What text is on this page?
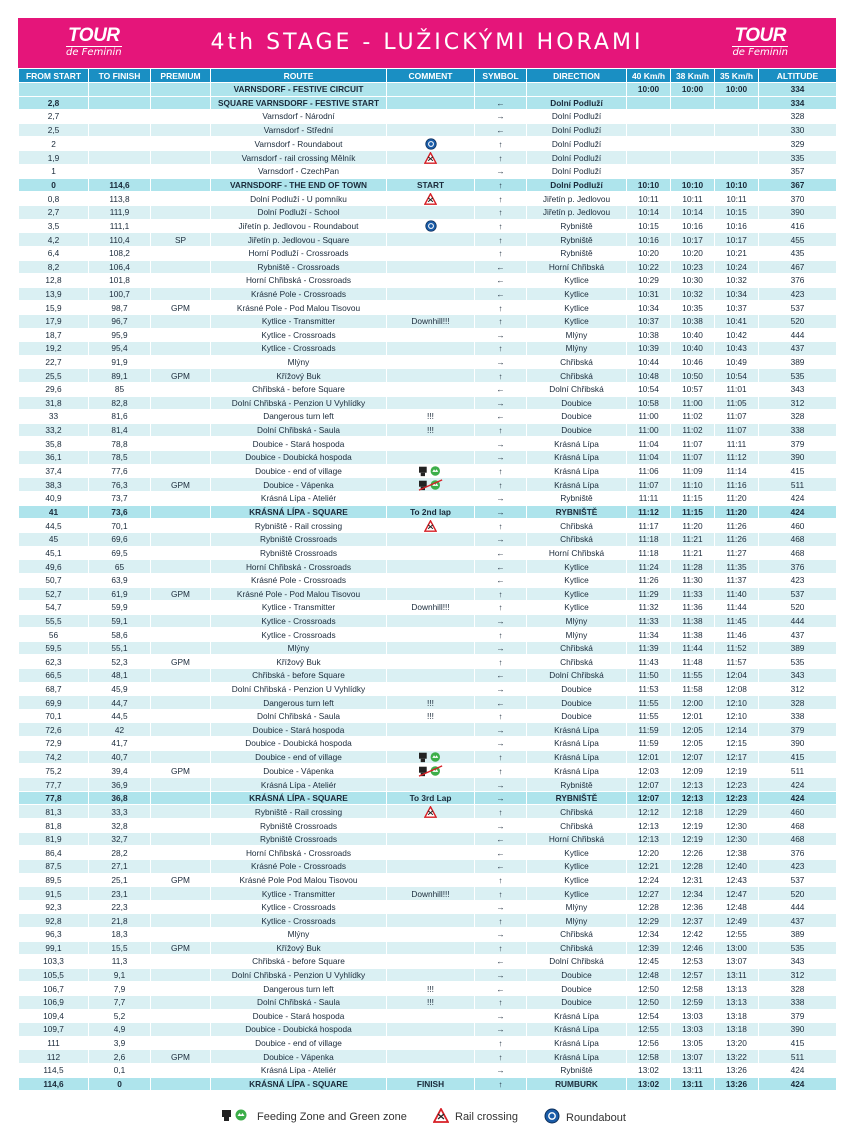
TOUR
de Feminin	4th STAGE - LUŽICKÝMI HORAMI	TOUR
de Feminin
FROM START	TO FINISH	PREMIUM	ROUTE	COMMENT	SYMBOL	DIRECTION	40 Km/h	38 Km/h	35 Km/h	ALTITUDE
			VARNSDORF - FESTIVE CIRCUIT				10:00	10:00	10:00	334
2,8			SQUARE VARNSDORF - FESTIVE START		←	Dolní Podluží				334
2,7			Varnsdorf - Národní		→	Dolní Podluží				328
2,5			Varnsdorf - Střední		←	Dolní Podluží				330
2			Varnsdorf - Roundabout		↑	Dolní Podluží				329
1,9			Varnsdorf - rail crossing Mělník		↑	Dolní Podluží				335
1			Varnsdorf - CzechPan		→	Dolní Podluží				357
0	114,6		VARNSDORF - THE END OF TOWN	START	↑	Dolní Podluží	10:10	10:10	10:10	367
0,8	113,8		Dolní Podluží - U pomníku		↑	Jiřetín p. Jedlovou	10:11	10:11	10:11	370
2,7	111,9		Dolní Podluží - School		↑	Jiřetín p. Jedlovou	10:14	10:14	10:15	390
3,5	111,1		Jiřetín p. Jedlovou - Roundabout		↑	Rybniště	10:15	10:16	10:16	416
4,2	110,4	SP	Jiřetín p. Jedlovou - Square		↑	Rybniště	10:16	10:17	10:17	455
6,4	108,2		Horní Podluží - Crossroads		↑	Rybniště	10:20	10:20	10:21	435
8,2	106,4		Rybniště - Crossroads		←	Horní Chřibská	10:22	10:23	10:24	467
12,8	101,8		Horní Chřibská - Crossroads		←	Kytlice	10:29	10:30	10:32	376
13,9	100,7		Krásné Pole - Crossroads		←	Kytlice	10:31	10:32	10:34	423
15,9	98,7	GPM	Krásné Pole - Pod Malou Tisovou		↑	Kytlice	10:34	10:35	10:37	537
17,9	96,7		Kytlice - Transmitter	Downhill!!!	↑	Kytlice	10:37	10:38	10:41	520
18,7	95,9		Kytlice - Crossroads		→	Mlýny	10:38	10:40	10:42	444
19,2	95,4		Kytlice - Crossroads		↑	Mlýny	10:39	10:40	10:43	437
22,7	91,9		Mlýny		→	Chřibská	10:44	10:46	10:49	389
25,5	89,1	GPM	Křížový Buk		↑	Chřibská	10:48	10:50	10:54	535
29,6	85		Chřibská - before Square		←	Dolní Chřibská	10:54	10:57	11:01	343
31,8	82,8		Dolní Chřibská - Penzion U Vyhlídky		→	Doubice	10:58	11:00	11:05	312
33	81,6		Dangerous turn left	!!!	←	Doubice	11:00	11:02	11:07	328
33,2	81,4		Dolní Chřibská - Saula	!!!	↑	Doubice	11:00	11:02	11:07	338
35,8	78,8		Doubice - Stará hospoda		→	Krásná Lípa	11:04	11:07	11:11	379
36,1	78,5		Doubice - Doubická hospoda		→	Krásná Lípa	11:04	11:07	11:12	390
37,4	77,6		Doubice - end of village		↑	Krásná Lípa	11:06	11:09	11:14	415
38,3	76,3	GPM	Doubice - Vápenka		↑	Krásná Lípa	11:07	11:10	11:16	511
40,9	73,7		Krásná Lípa - Ateliér		→	Rybniště	11:11	11:15	11:20	424
41	73,6		KRÁSNÁ LÍPA - SQUARE	To 2nd lap	→	RYBNIŠTĚ	11:12	11:15	11:20	424
44,5	70,1		Rybniště - Rail crossing		↑	Chřibská	11:17	11:20	11:26	460
45	69,6		Rybniště Crossroads		→	Chřibská	11:18	11:21	11:26	468
45,1	69,5		Rybniště Crossroads		←	Horní Chřibská	11:18	11:21	11:27	468
49,6	65		Horní Chřibská - Crossroads		←	Kytlice	11:24	11:28	11:35	376
50,7	63,9		Krásné Pole - Crossroads		←	Kytlice	11:26	11:30	11:37	423
52,7	61,9	GPM	Krásné Pole - Pod Malou Tisovou		↑	Kytlice	11:29	11:33	11:40	537
54,7	59,9		Kytlice - Transmitter	Downhill!!!	↑	Kytlice	11:32	11:36	11:44	520
55,5	59,1		Kytlice - Crossroads		→	Mlýny	11:33	11:38	11:45	444
56	58,6		Kytlice - Crossroads		↑	Mlýny	11:34	11:38	11:46	437
59,5	55,1		Mlýny		→	Chřibská	11:39	11:44	11:52	389
62,3	52,3	GPM	Křížový Buk		↑	Chřibská	11:43	11:48	11:57	535
66,5	48,1		Chřibská - before Square		←	Dolní Chřibská	11:50	11:55	12:04	343
68,7	45,9		Dolní Chřibská - Penzion U Vyhlídky		→	Doubice	11:53	11:58	12:08	312
69,9	44,7		Dangerous turn left	!!!	←	Doubice	11:55	12:00	12:10	328
70,1	44,5		Dolní Chřibská - Saula	!!!	↑	Doubice	11:55	12:01	12:10	338
72,6	42		Doubice - Stará hospoda		→	Krásná Lípa	11:59	12:05	12:14	379
72,9	41,7		Doubice - Doubická hospoda		→	Krásná Lípa	11:59	12:05	12:15	390
74,2	40,7		Doubice - end of village		↑	Krásná Lípa	12:01	12:07	12:17	415
75,2	39,4	GPM	Doubice - Vápenka		↑	Krásná Lípa	12:03	12:09	12:19	511
77,7	36,9		Krásná Lípa - Ateliér		→	Rybniště	12:07	12:13	12:23	424
77,8	36,8		KRÁSNÁ LÍPA - SQUARE	To 3rd Lap	→	RYBNIŠTĚ	12:07	12:13	12:23	424
81,3	33,3		Rybniště - Rail crossing		↑	Chřibská	12:12	12:18	12:29	460
81,8	32,8		Rybniště Crossroads		→	Chřibská	12:13	12:19	12:30	468
81,9	32,7		Rybniště Crossroads		←	Horní Chřibská	12:13	12:19	12:30	468
86,4	28,2		Horní Chřibská - Crossroads		←	Kytlice	12:20	12:26	12:38	376
87,5	27,1		Krásné Pole - Crossroads		←	Kytlice	12:21	12:28	12:40	423
89,5	25,1	GPM	Krásné Pole Pod Malou Tisovou		↑	Kytlice	12:24	12:31	12:43	537
91,5	23,1		Kytlice - Transmitter	Downhill!!!	↑	Kytlice	12:27	12:34	12:47	520
92,3	22,3		Kytlice - Crossroads		→	Mlýny	12:28	12:36	12:48	444
92,8	21,8		Kytlice - Crossroads		↑	Mlýny	12:29	12:37	12:49	437
96,3	18,3		Mlýny		→	Chřibská	12:34	12:42	12:55	389
99,1	15,5	GPM	Křížový Buk		↑	Chřibská	12:39	12:46	13:00	535
103,3	11,3		Chřibská - before Square		←	Dolní Chřibská	12:45	12:53	13:07	343
105,5	9,1		Dolní Chřibská - Penzion U Vyhlídky		→	Doubice	12:48	12:57	13:11	312
106,7	7,9		Dangerous turn left	!!!	←	Doubice	12:50	12:58	13:13	328
106,9	7,7		Dolní Chřibská - Saula	!!!	↑	Doubice	12:50	12:59	13:13	338
109,4	5,2		Doubice - Stará hospoda		→	Krásná Lípa	12:54	13:03	13:18	379
109,7	4,9		Doubice - Doubická hospoda		→	Krásná Lípa	12:55	13:03	13:18	390
111	3,9		Doubice - end of village		↑	Krásná Lípa	12:56	13:05	13:20	415
112	2,6	GPM	Doubice - Vápenka		↑	Krásná Lípa	12:58	13:07	13:22	511
114,5	0,1		Krásná Lípa - Ateliér		→	Rybniště	13:02	13:11	13:26	424
114,6	0		KRÁSNÁ LÍPA - SQUARE	FINISH	↑	RUMBURK	13:02	13:11	13:26	424
Feeding Zone and Green zone	Rail crossing	Roundabout
